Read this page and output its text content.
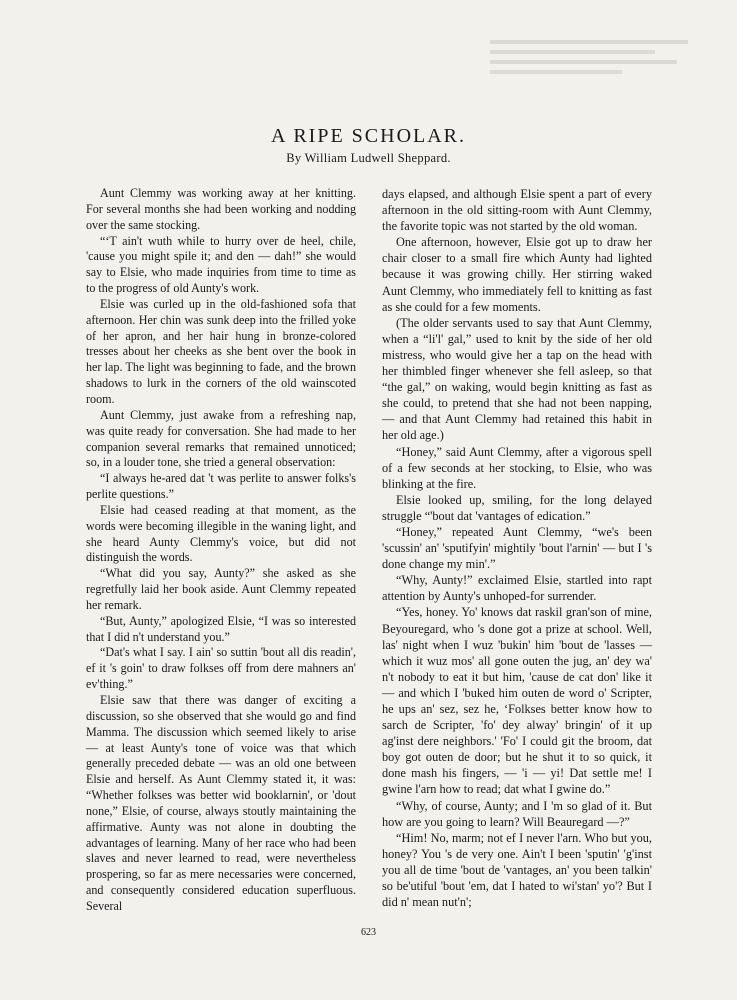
A RIPE SCHOLAR.
By William Ludwell Sheppard.

Aunt Clemmy was working away at her knitting. For several months she had been working and nodding over the same stocking.

“‘T ain't wuth while to hurry over de heel, chile, 'cause you might spile it; and den — dah!” she would say to Elsie, who made inquiries from time to time as to the progress of old Aunty's work.

Elsie was curled up in the old-fashioned sofa that afternoon. Her chin was sunk deep into the frilled yoke of her apron, and her hair hung in bronze-colored tresses about her cheeks as she bent over the book in her lap. The light was beginning to fade, and the brown shadows to lurk in the corners of the old wainscoted room.

Aunt Clemmy, just awake from a refreshing nap, was quite ready for conversation. She had made to her companion several remarks that remained unnoticed; so, in a louder tone, she tried a general observation:

“I always he-ared dat 't was perlite to answer folks's perlite questions.”

Elsie had ceased reading at that moment, as the words were becoming illegible in the waning light, and she heard Aunty Clemmy's voice, but did not distinguish the words.

“What did you say, Aunty?” she asked as she regretfully laid her book aside. Aunt Clemmy repeated her remark.

“But, Aunty,” apologized Elsie, “I was so interested that I did n't understand you.”

“Dat's what I say. I ain' so suttin 'bout all dis readin', ef it 's goin' to draw folkses off from dere mahners an' ev'thing.”

Elsie saw that there was danger of exciting a discussion, so she observed that she would go and find Mamma. The discussion which seemed likely to arise — at least Aunty's tone of voice was that which generally preceded debate — was an old one between Elsie and herself. As Aunt Clemmy stated it, it was: “Whether folkses was better wid booklarnin', or 'dout none,” Elsie, of course, always stoutly maintaining the affirmative. Aunty was not alone in doubting the advantages of learning. Many of her race who had been slaves and never learned to read, were nevertheless prospering, so far as mere necessaries were concerned, and consequently considered education superfluous. Several

days elapsed, and although Elsie spent a part of every afternoon in the old sitting-room with Aunt Clemmy, the favorite topic was not started by the old woman.

One afternoon, however, Elsie got up to draw her chair closer to a small fire which Aunty had lighted because it was growing chilly. Her stirring waked Aunt Clemmy, who immediately fell to knitting as fast as she could for a few moments.

(The older servants used to say that Aunt Clemmy, when a “li'l' gal,” used to knit by the side of her old mistress, who would give her a tap on the head with her thimbled finger whenever she fell asleep, so that “the gal,” on waking, would begin knitting as fast as she could, to pretend that she had not been napping, — and that Aunt Clemmy had retained this habit in her old age.)

“Honey,” said Aunt Clemmy, after a vigorous spell of a few seconds at her stocking, to Elsie, who was blinking at the fire.

Elsie looked up, smiling, for the long delayed struggle “'bout dat 'vantages of edication.”

“Honey,” repeated Aunt Clemmy, “we's been 'scussin' an' 'sputifyin' mightily 'bout l'arnin' — but I 's done change my min'.”

“Why, Aunty!” exclaimed Elsie, startled into rapt attention by Aunty's unhoped-for surrender.

“Yes, honey. Yo' knows dat raskil gran'son of mine, Beyouregard, who 's done got a prize at school. Well, las' night when I wuz 'bukin' him 'bout de 'lasses — which it wuz mos' all gone outen the jug, an' dey wa' n't nobody to eat it but him, 'cause de cat don' like it — and which I 'buked him outen de word o' Scripter, he ups an' sez, sez he, ‘Folkses better know how to sarch de Scripter, 'fo' dey alway' bringin' of it up ag'inst dere neighbors.' 'Fo' I could git the broom, dat boy got outen de door; but he shut it to so quick, it done mash his fingers, — 'i — yi! Dat settle me! I gwine l'arn how to read; dat what I gwine do.”

“Why, of course, Aunty; and I 'm so glad of it. But how are you going to learn? Will Beauregard —?”

“Him! No, marm; not ef I never l'arn. Who but you, honey? You 's de very one. Ain't I been 'sputin' 'g'inst you all de time 'bout de 'vantages, an' you been talkin' so be'utiful 'bout 'em, dat I hated to wi'stan' yo'? But I did n' mean nut'n';

623
